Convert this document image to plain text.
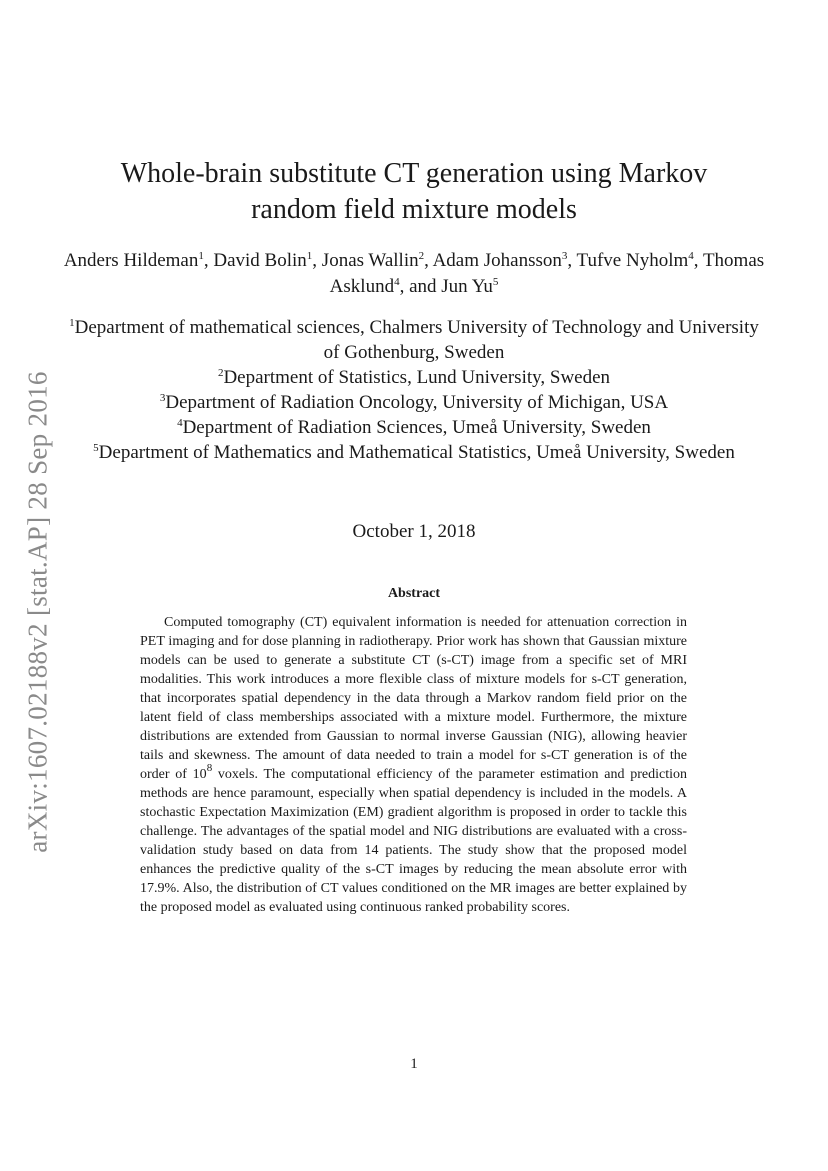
arXiv:1607.02188v2 [stat.AP] 28 Sep 2016
Whole-brain substitute CT generation using Markov
random field mixture models
Anders Hildeman$^1$, David Bolin$^1$, Jonas Wallin$^2$, Adam Johansson$^3$, Tufve Nyholm$^4$, Thomas Asklund$^4$, and Jun Yu$^5$
$^1$Department of mathematical sciences, Chalmers University of Technology and University of Gothenburg, Sweden
$^2$Department of Statistics, Lund University, Sweden
$^3$Department of Radiation Oncology, University of Michigan, USA
$^4$Department of Radiation Sciences, Umeå University, Sweden
$^5$Department of Mathematics and Mathematical Statistics, Umeå University, Sweden
October 1, 2018
Abstract

Computed tomography (CT) equivalent information is needed for attenuation correction in PET imaging and for dose planning in radiotherapy. Prior work has shown that Gaussian mixture models can be used to generate a substitute CT (s-CT) image from a specific set of MRI modalities. This work introduces a more flexible class of mixture models for s-CT generation, that incorporates spatial dependency in the data through a Markov random field prior on the latent field of class memberships associated with a mixture model. Furthermore, the mixture distributions are extended from Gaussian to normal inverse Gaussian (NIG), allowing heavier tails and skewness. The amount of data needed to train a model for s-CT generation is of the order of $10^8$ voxels. The computational efficiency of the parameter estimation and prediction methods are hence paramount, especially when spatial dependency is included in the models. A stochastic Expectation Maximization (EM) gradient algorithm is proposed in order to tackle this challenge. The advantages of the spatial model and NIG distributions are evaluated with a cross-validation study based on data from 14 patients. The study show that the proposed model enhances the predictive quality of the s-CT images by reducing the mean absolute error with 17.9%. Also, the distribution of CT values conditioned on the MR images are better explained by the proposed model as evaluated using continuous ranked probability scores.

1
